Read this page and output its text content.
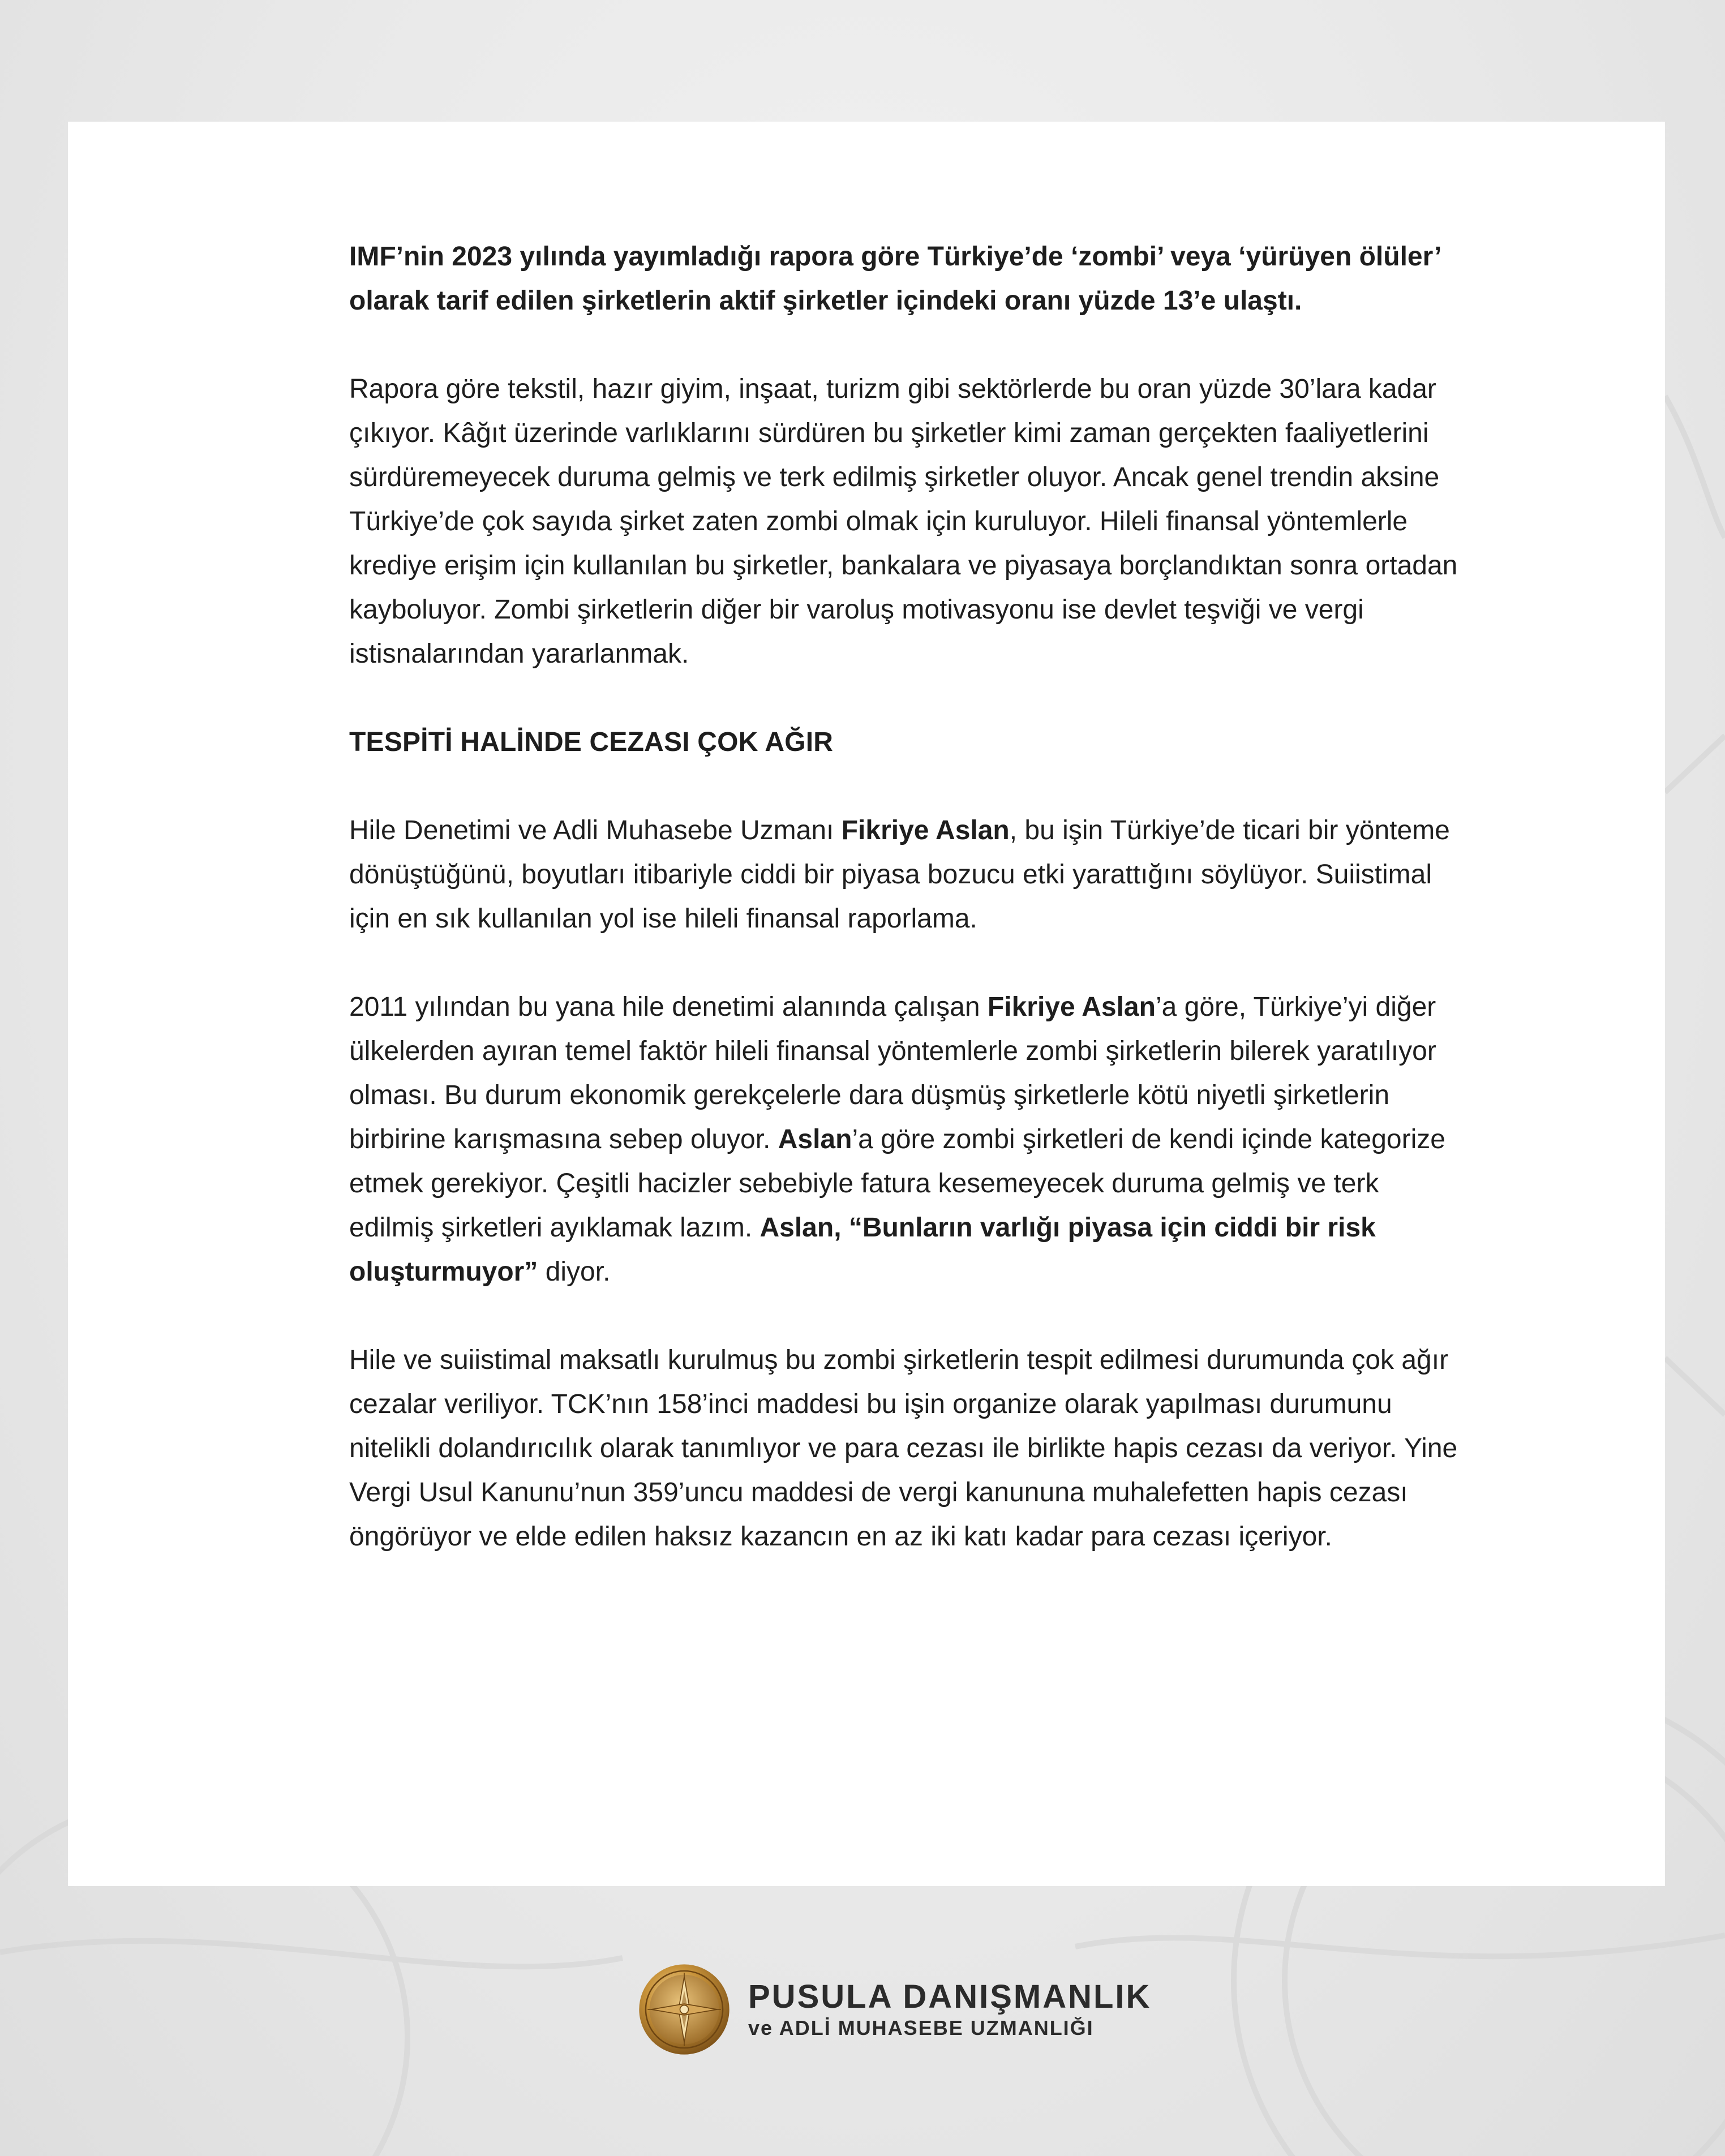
IMF’nin 2023 yılında yayımladığı rapora göre Türkiye’de ‘zombi’ veya ‘yürüyen ölüler’ olarak tarif edilen şirketlerin aktif şirketler içindeki oranı yüzde 13’e ulaştı.

Rapora göre tekstil, hazır giyim, inşaat, turizm gibi sektörlerde bu oran yüzde 30’lara kadar çıkıyor. Kâğıt üzerinde varlıklarını sürdüren bu şirketler kimi zaman gerçekten faaliyetlerini sürdüremeyecek duruma gelmiş ve terk edilmiş şirketler oluyor. Ancak genel trendin aksine Türkiye’de çok sayıda şirket zaten zombi olmak için kuruluyor. Hileli finansal yöntemlerle krediye erişim için kullanılan bu şirketler, bankalara ve piyasaya borçlandıktan sonra ortadan kayboluyor. Zombi şirketlerin diğer bir varoluş motivasyonu ise devlet teşviği ve vergi istisnalarından yararlanmak.

TESPİTİ HALİNDE CEZASI ÇOK AĞIR

Hile Denetimi ve Adli Muhasebe Uzmanı Fikriye Aslan, bu işin Türkiye’de ticari bir yönteme dönüştüğünü, boyutları itibariyle ciddi bir piyasa bozucu etki yarattığını söylüyor. Suiistimal için en sık kullanılan yol ise hileli finansal raporlama.

2011 yılından bu yana hile denetimi alanında çalışan Fikriye Aslan’a göre, Türkiye’yi diğer ülkelerden ayıran temel faktör hileli finansal yöntemlerle zombi şirketlerin bilerek yaratılıyor olması. Bu durum ekonomik gerekçelerle dara düşmüş şirketlerle kötü niyetli şirketlerin birbirine karışmasına sebep oluyor. Aslan’a göre zombi şirketleri de kendi içinde kategorize etmek gerekiyor. Çeşitli hacizler sebebiyle fatura kesemeyecek duruma gelmiş ve terk edilmiş şirketleri ayıklamak lazım. Aslan, “Bunların varlığı piyasa için ciddi bir risk oluşturmuyor” diyor.

Hile ve suiistimal maksatlı kurulmuş bu zombi şirketlerin tespit edilmesi durumunda çok ağır cezalar veriliyor. TCK’nın 158’inci maddesi bu işin organize olarak yapılması durumunu nitelikli dolandırıcılık olarak tanımlıyor ve para cezası ile birlikte hapis cezası da veriyor. Yine Vergi Usul Kanunu’nun 359’uncu maddesi de vergi kanununa muhalefetten hapis cezası öngörüyor ve elde edilen haksız kazancın en az iki katı kadar para cezası içeriyor.

PUSULA DANIŞMANLIK
ve ADLİ MUHASEBE UZMANLIĞI
